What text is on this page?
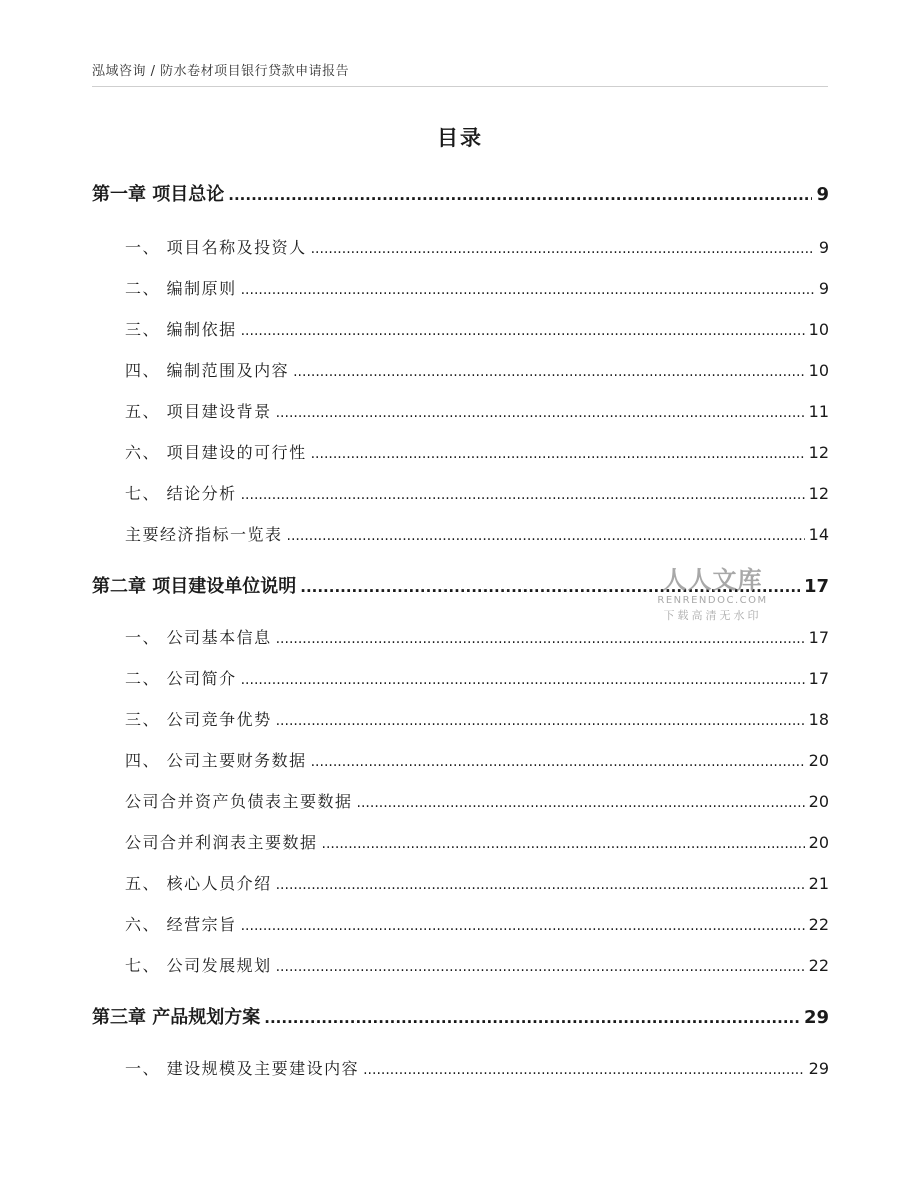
泓域咨询 / 防水卷材项目银行贷款申请报告
目录
第一章 项目总论 .....	9
一、 项目名称及投资人 .....	9
二、 编制原则 .....	9
三、 编制依据 .....	10
四、 编制范围及内容 .....	10
五、 项目建设背景 .....	11
六、 项目建设的可行性 .....	12
七、 结论分析 .....	12
主要经济指标一览表 .....	14
第二章 项目建设单位说明 .....	17
一、 公司基本信息 .....	17
二、 公司简介 .....	17
三、 公司竞争优势 .....	18
四、 公司主要财务数据 .....	20
公司合并资产负债表主要数据 .....	20
公司合并利润表主要数据 .....	20
五、 核心人员介绍 .....	21
六、 经营宗旨 .....	22
七、 公司发展规划 .....	22
第三章 产品规划方案 .....	29
一、 建设规模及主要建设内容 .....	29
人人文库
RENRENDOC.COM
下载高清无水印
